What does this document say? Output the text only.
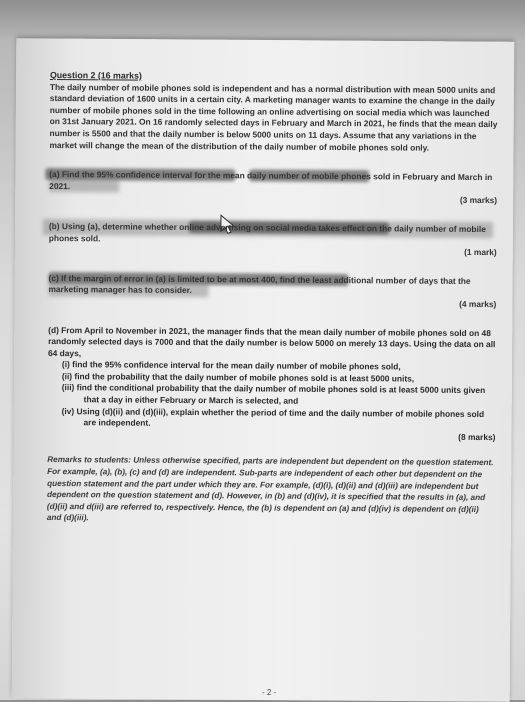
Question 2 (16 marks)

The daily number of mobile phones sold is independent and has a normal distribution with mean 5000 units and standard deviation of 1600 units in a certain city. A marketing manager wants to examine the change in the daily number of mobile phones sold in the time following an online advertising on social media which was launched on 31st January 2021. On 16 randomly selected days in February and March in 2021, he finds that the mean daily number is 5500 and that the daily number is below 5000 units on 11 days. Assume that any variations in the market will change the mean of the distribution of the daily number of mobile phones sold only.

(a) Find the 95% confidence interval for the mean daily number of mobile phones sold in February and March in 2021.
(3 marks)
(b) Using (a), determine whether online advertising on social media takes effect on the daily number of mobile phones sold.
(1 mark)
(c) If the margin of error in (a) is limited to be at most 400, find the least additional number of days that the marketing manager has to consider.
(4 marks)
(d) From April to November in 2021, the manager finds that the mean daily number of mobile phones sold on 48 randomly selected days is 7000 and that the daily number is below 5000 on merely 13 days. Using the data on all 64 days,

(i) find the 95% confidence interval for the mean daily number of mobile phones sold,

(ii) find the probability that the daily number of mobile phones sold is at least 5000 units,

(iii) find the conditional probability that the daily number of mobile phones sold is at least 5000 units given that a day in either February or March is selected, and

(iv) Using (d)(ii) and (d)(iii), explain whether the period of time and the daily number of mobile phones sold are independent.

(8 marks)

Remarks to students: Unless otherwise specified, parts are independent but dependent on the question statement. For example, (a), (b), (c) and (d) are independent. Sub-parts are independent of each other but dependent on the question statement and the part under which they are. For example, (d)(i), (d)(ii) and (d)(iii) are independent but dependent on the question statement and (d). However, in (b) and (d)(iv), it is specified that the results in (a), and (d)(ii) and d(iii) are referred to, respectively. Hence, the (b) is dependent on (a) and (d)(iv) is dependent on (d)(ii) and (d)(iii).

- 2 -
